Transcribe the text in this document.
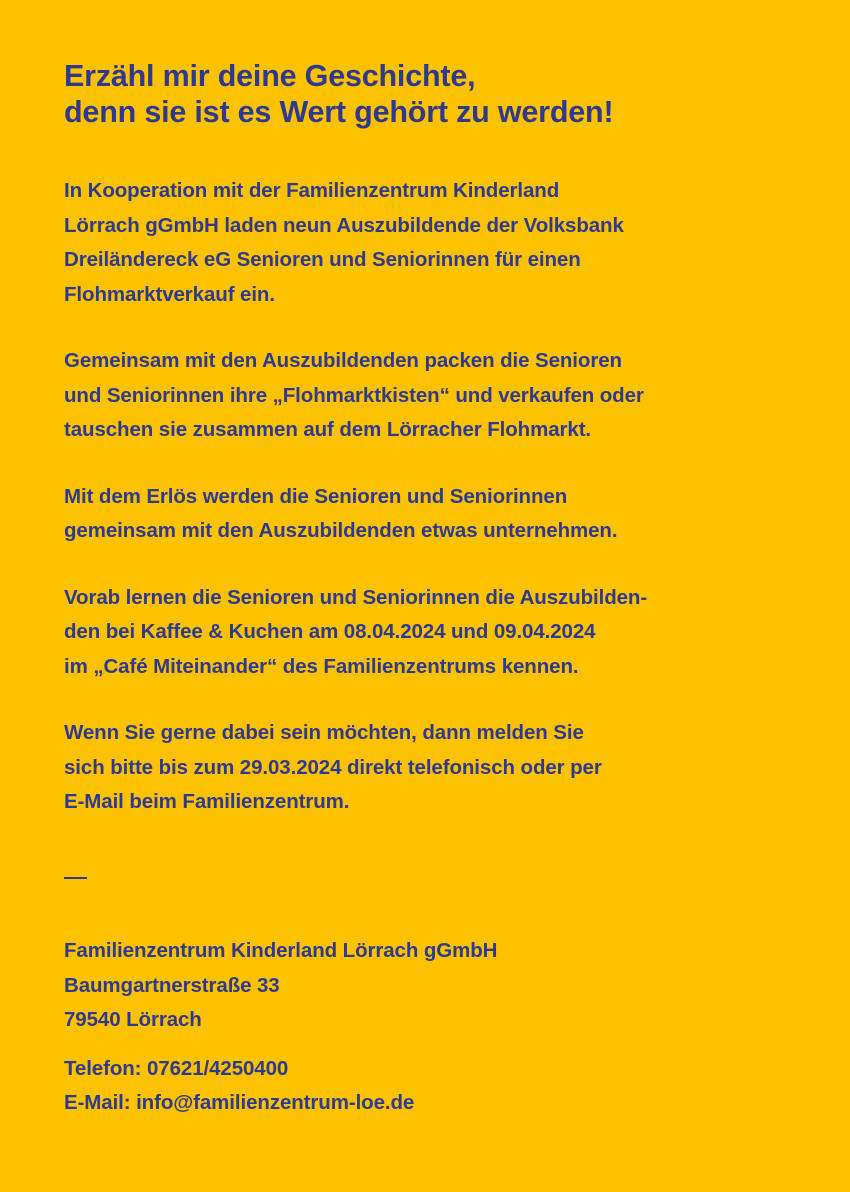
Erzähl mir deine Geschichte,
denn sie ist es Wert gehört zu werden!

In Kooperation mit der Familienzentrum Kinderland
Lörrach gGmbH laden neun Auszubildende der Volksbank
Dreiländereck eG Senioren und Seniorinnen für einen
Flohmarktverkauf ein.

Gemeinsam mit den Auszubildenden packen die Senioren
und Seniorinnen ihre „Flohmarktkisten“ und verkaufen oder
tauschen sie zusammen auf dem Lörracher Flohmarkt.

Mit dem Erlös werden die Senioren und Seniorinnen
gemeinsam mit den Auszubildenden etwas unternehmen.

Vorab lernen die Senioren und Seniorinnen die Auszubilden-
den bei Kaffee & Kuchen am 08.04.2024 und 09.04.2024
im „Café Miteinander“ des Familienzentrums kennen.

Wenn Sie gerne dabei sein möchten, dann melden Sie
sich bitte bis zum 29.03.2024 direkt telefonisch oder per
E-Mail beim Familienzentrum.

Familienzentrum Kinderland Lörrach gGmbH
Baumgartnerstraße 33
79540 Lörrach

Telefon: 07621/4250400
E-Mail: info@familienzentrum-loe.de
